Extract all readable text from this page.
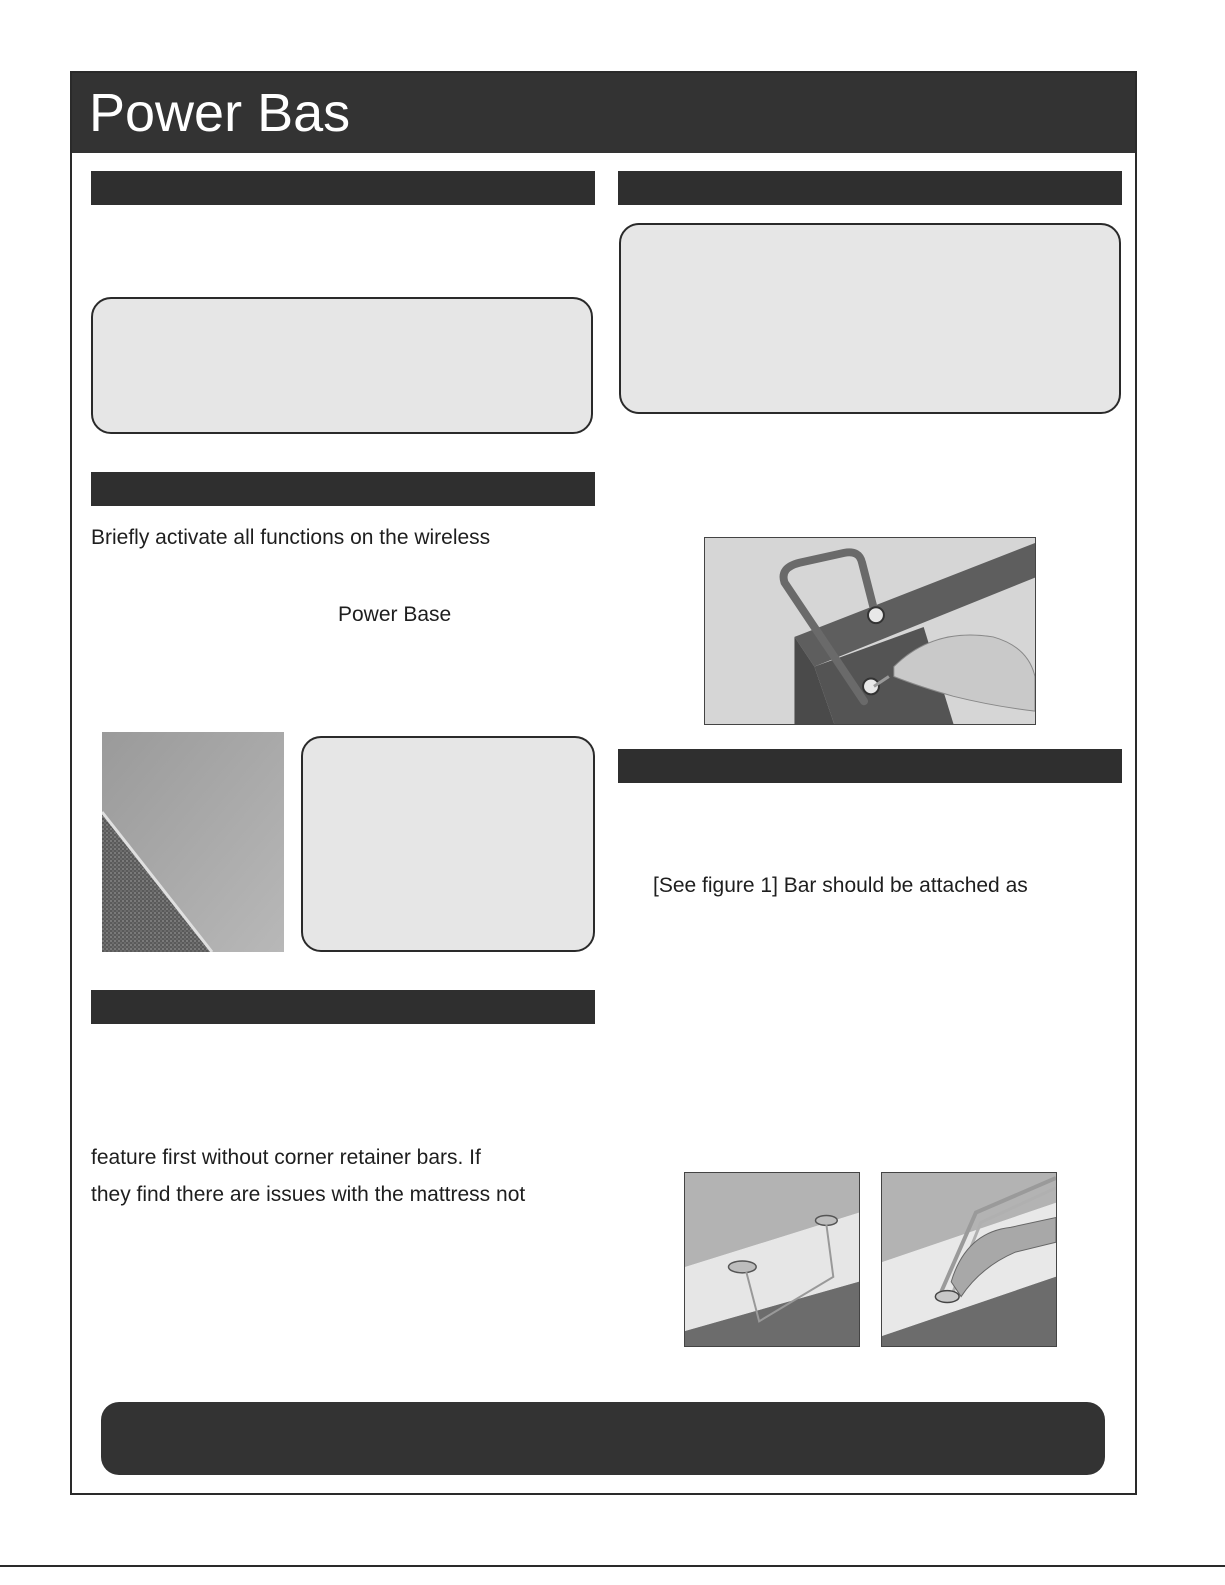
Power Bas
Briefly activate all functions on the wireless
Power Base
feature first without corner retainer bars. If
they find there are issues with the mattress not
[See figure 1] Bar should be attached as
